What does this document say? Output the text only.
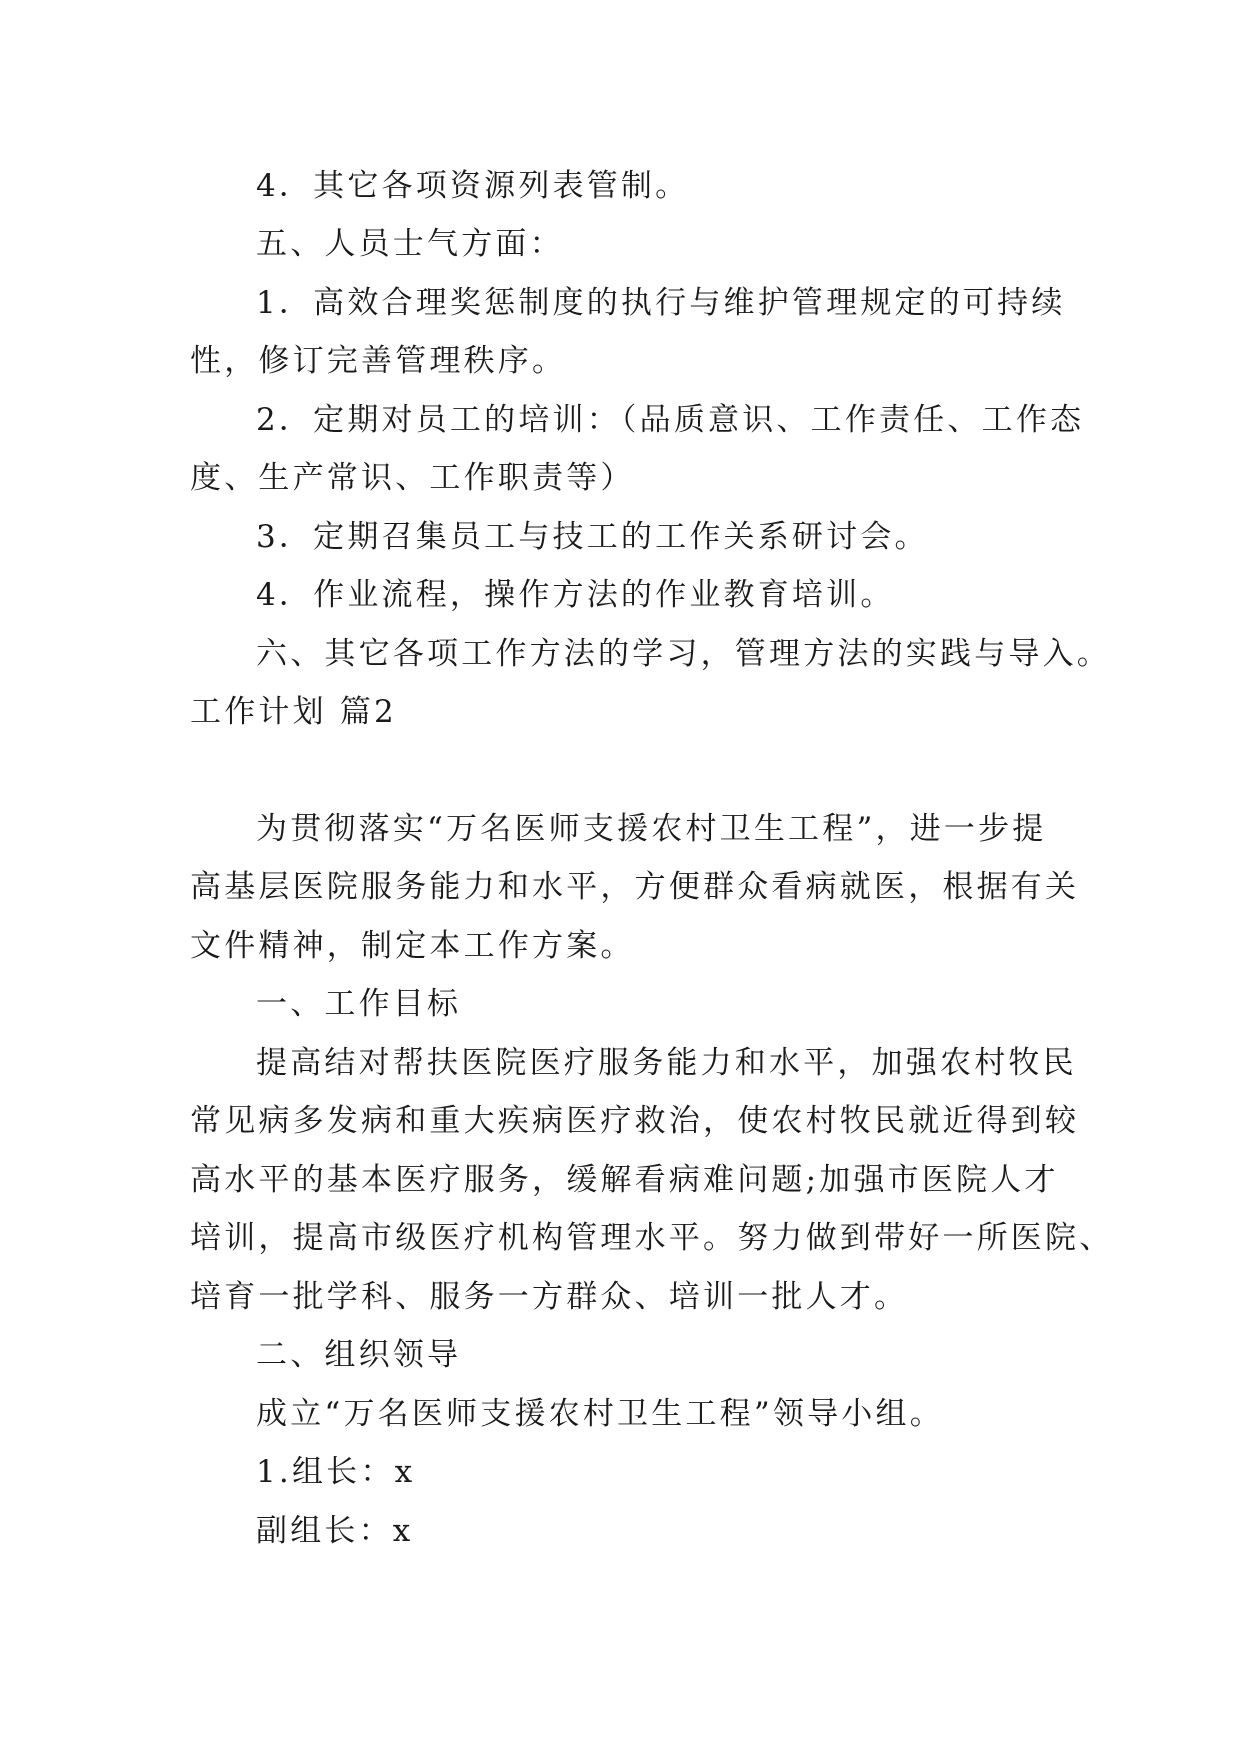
4．其它各项资源列表管制。
五、人员士气方面：
1．高效合理奖惩制度的执行与维护管理规定的可持续
性，修订完善管理秩序。
2．定期对员工的培训：（品质意识、工作责任、工作态
度、生产常识、工作职责等）
3．定期召集员工与技工的工作关系研讨会。
4．作业流程，操作方法的作业教育培训。
六、其它各项工作方法的学习，管理方法的实践与导入。
工作计划 篇2
为贯彻落实“万名医师支援农村卫生工程”，进一步提
高基层医院服务能力和水平，方便群众看病就医，根据有关
文件精神，制定本工作方案。
一、工作目标
提高结对帮扶医院医疗服务能力和水平，加强农村牧民
常见病多发病和重大疾病医疗救治，使农村牧民就近得到较
高水平的基本医疗服务，缓解看病难问题;加强市医院人才
培训，提高市级医疗机构管理水平。努力做到带好一所医院、
培育一批学科、服务一方群众、培训一批人才。
二、组织领导
成立“万名医师支援农村卫生工程”领导小组。
1.组长：x
副组长：x
